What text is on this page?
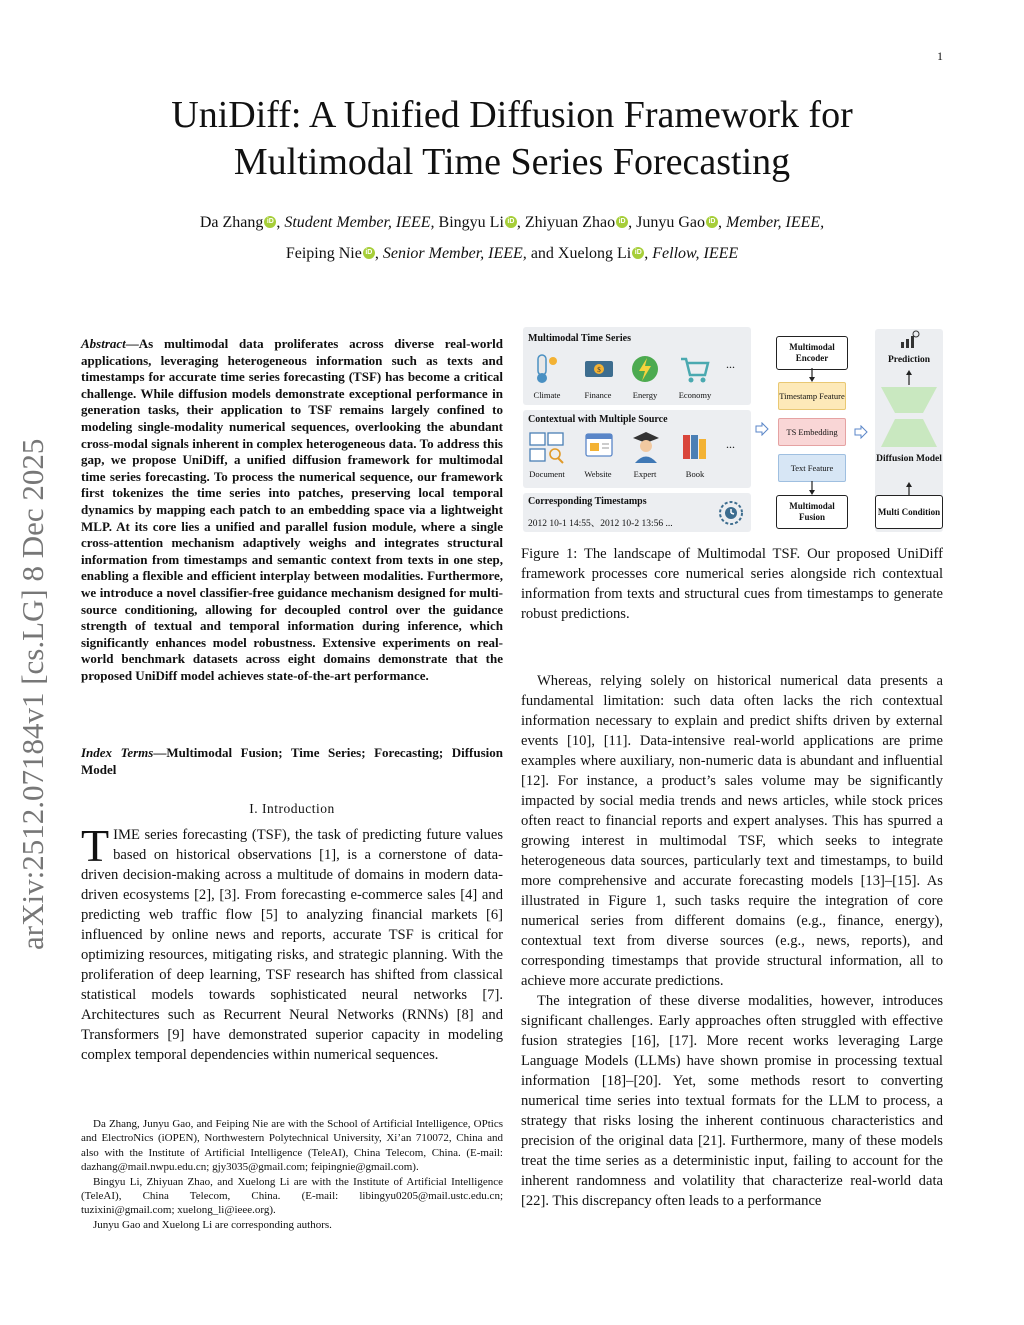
1
arXiv:2512.07184v1 [cs.LG] 8 Dec 2025
UniDiff: A Unified Diffusion Framework for
Multimodal Time Series Forecasting
Da Zhang iD , Student Member, IEEE, Bingyu Li iD , Zhiyuan Zhao iD , Junyu Gao iD , Member, IEEE,
Feiping Nie iD , Senior Member, IEEE, and Xuelong Li iD , Fellow, IEEE
Abstract—As multimodal data proliferates across diverse real-world applications, leveraging heterogeneous information such as texts and timestamps for accurate time series forecasting (TSF) has become a critical challenge. While diffusion models demonstrate exceptional performance in generation tasks, their application to TSF remains largely confined to modeling single-modality numerical sequences, overlooking the abundant cross-modal signals inherent in complex heterogeneous data. To address this gap, we propose UniDiff, a unified diffusion framework for multimodal time series forecasting. To process the numerical sequence, our framework first tokenizes the time series into patches, preserving local temporal dynamics by mapping each patch to an embedding space via a lightweight MLP. At its core lies a unified and parallel fusion module, where a single cross-attention mechanism adaptively weighs and integrates structural information from timestamps and semantic context from texts in one step, enabling a flexible and efficient interplay between modalities. Furthermore, we introduce a novel classifier-free guidance mechanism designed for multi-source conditioning, allowing for decoupled control over the guidance strength of textual and temporal information during inference, which significantly enhances model robustness. Extensive experiments on real-world benchmark datasets across eight domains demonstrate that the proposed UniDiff model achieves state-of-the-art performance.
Index Terms—Multimodal Fusion; Time Series; Forecasting; Diffusion Model
I. Introduction
TIME series forecasting (TSF), the task of predicting future values based on historical observations [1], is a cornerstone of data-driven decision-making across a multitude of domains in modern data-driven ecosystems [2], [3]. From forecasting e-commerce sales [4] and predicting web traffic flow [5] to analyzing financial markets [6] influenced by online news and reports, accurate TSF is critical for optimizing resources, mitigating risks, and strategic planning. With the proliferation of deep learning, TSF research has shifted from classical statistical models towards sophisticated neural networks [7]. Architectures such as Recurrent Neural Networks (RNNs) [8] and Transformers [9] have demonstrated superior capacity in modeling complex temporal dependencies within numerical sequences.

Da Zhang, Junyu Gao, and Feiping Nie are with the School of Artificial Intelligence, OPtics and ElectroNics (iOPEN), Northwestern Polytechnical University, Xi’an 710072, China and also with the Institute of Artificial Intelligence (TeleAI), China Telecom, China. (E-mail: dazhang@mail.nwpu.edu.cn; gjy3035@gmail.com; feipingnie@gmail.com).

Bingyu Li, Zhiyuan Zhao, and Xuelong Li are with the Institute of Artificial Intelligence (TeleAI), China Telecom, China. (E-mail: libingyu0205@mail.ustc.edu.cn; tuzixini@gmail.com; xuelong_li@ieee.org).

Junyu Gao and Xuelong Li are corresponding authors.

Multimodal Time Series
$	...
Climate	Finance	Energy	Economy
Contextual with Multiple Source
...
Document	Website	Expert	Book
Corresponding Timestamps
2012 10-1 14:55、2012 10-2 13:56 ...
Multimodal Encoder
Timestamp Feature
TS Embedding
Text Feature
Multimodal Fusion
Prediction
Diffusion Model
Multi Condition
Figure 1: The landscape of Multimodal TSF. Our proposed UniDiff framework processes core numerical series alongside rich contextual information from texts and structural cues from timestamps to generate robust predictions.

Whereas, relying solely on historical numerical data presents a fundamental limitation: such data often lacks the rich contextual information necessary to explain and predict shifts driven by external events [10], [11]. Data-intensive real-world applications are prime examples where auxiliary, non-numeric data is abundant and influential [12]. For instance, a product’s sales volume may be significantly impacted by social media trends and news articles, while stock prices often react to financial reports and expert analyses. This has spurred a growing interest in multimodal TSF, which seeks to integrate heterogeneous data sources, particularly text and timestamps, to build more comprehensive and accurate forecasting models [13]–[15]. As illustrated in Figure 1, such tasks require the integration of core numerical series from different domains (e.g., finance, energy), contextual text from diverse sources (e.g., news, reports), and corresponding timestamps that provide structural information, all to achieve more accurate predictions.

The integration of these diverse modalities, however, introduces significant challenges. Early approaches often struggled with effective fusion strategies [16], [17]. More recent works leveraging Large Language Models (LLMs) have shown promise in processing textual information [18]–[20]. Yet, some methods resort to converting numerical time series into textual formats for the LLM to process, a strategy that risks losing the inherent continuous characteristics and precision of the original data [21]. Furthermore, many of these models treat the time series as a deterministic input, failing to account for the inherent randomness and volatility that characterize real-world data [22]. This discrepancy often leads to a performance
